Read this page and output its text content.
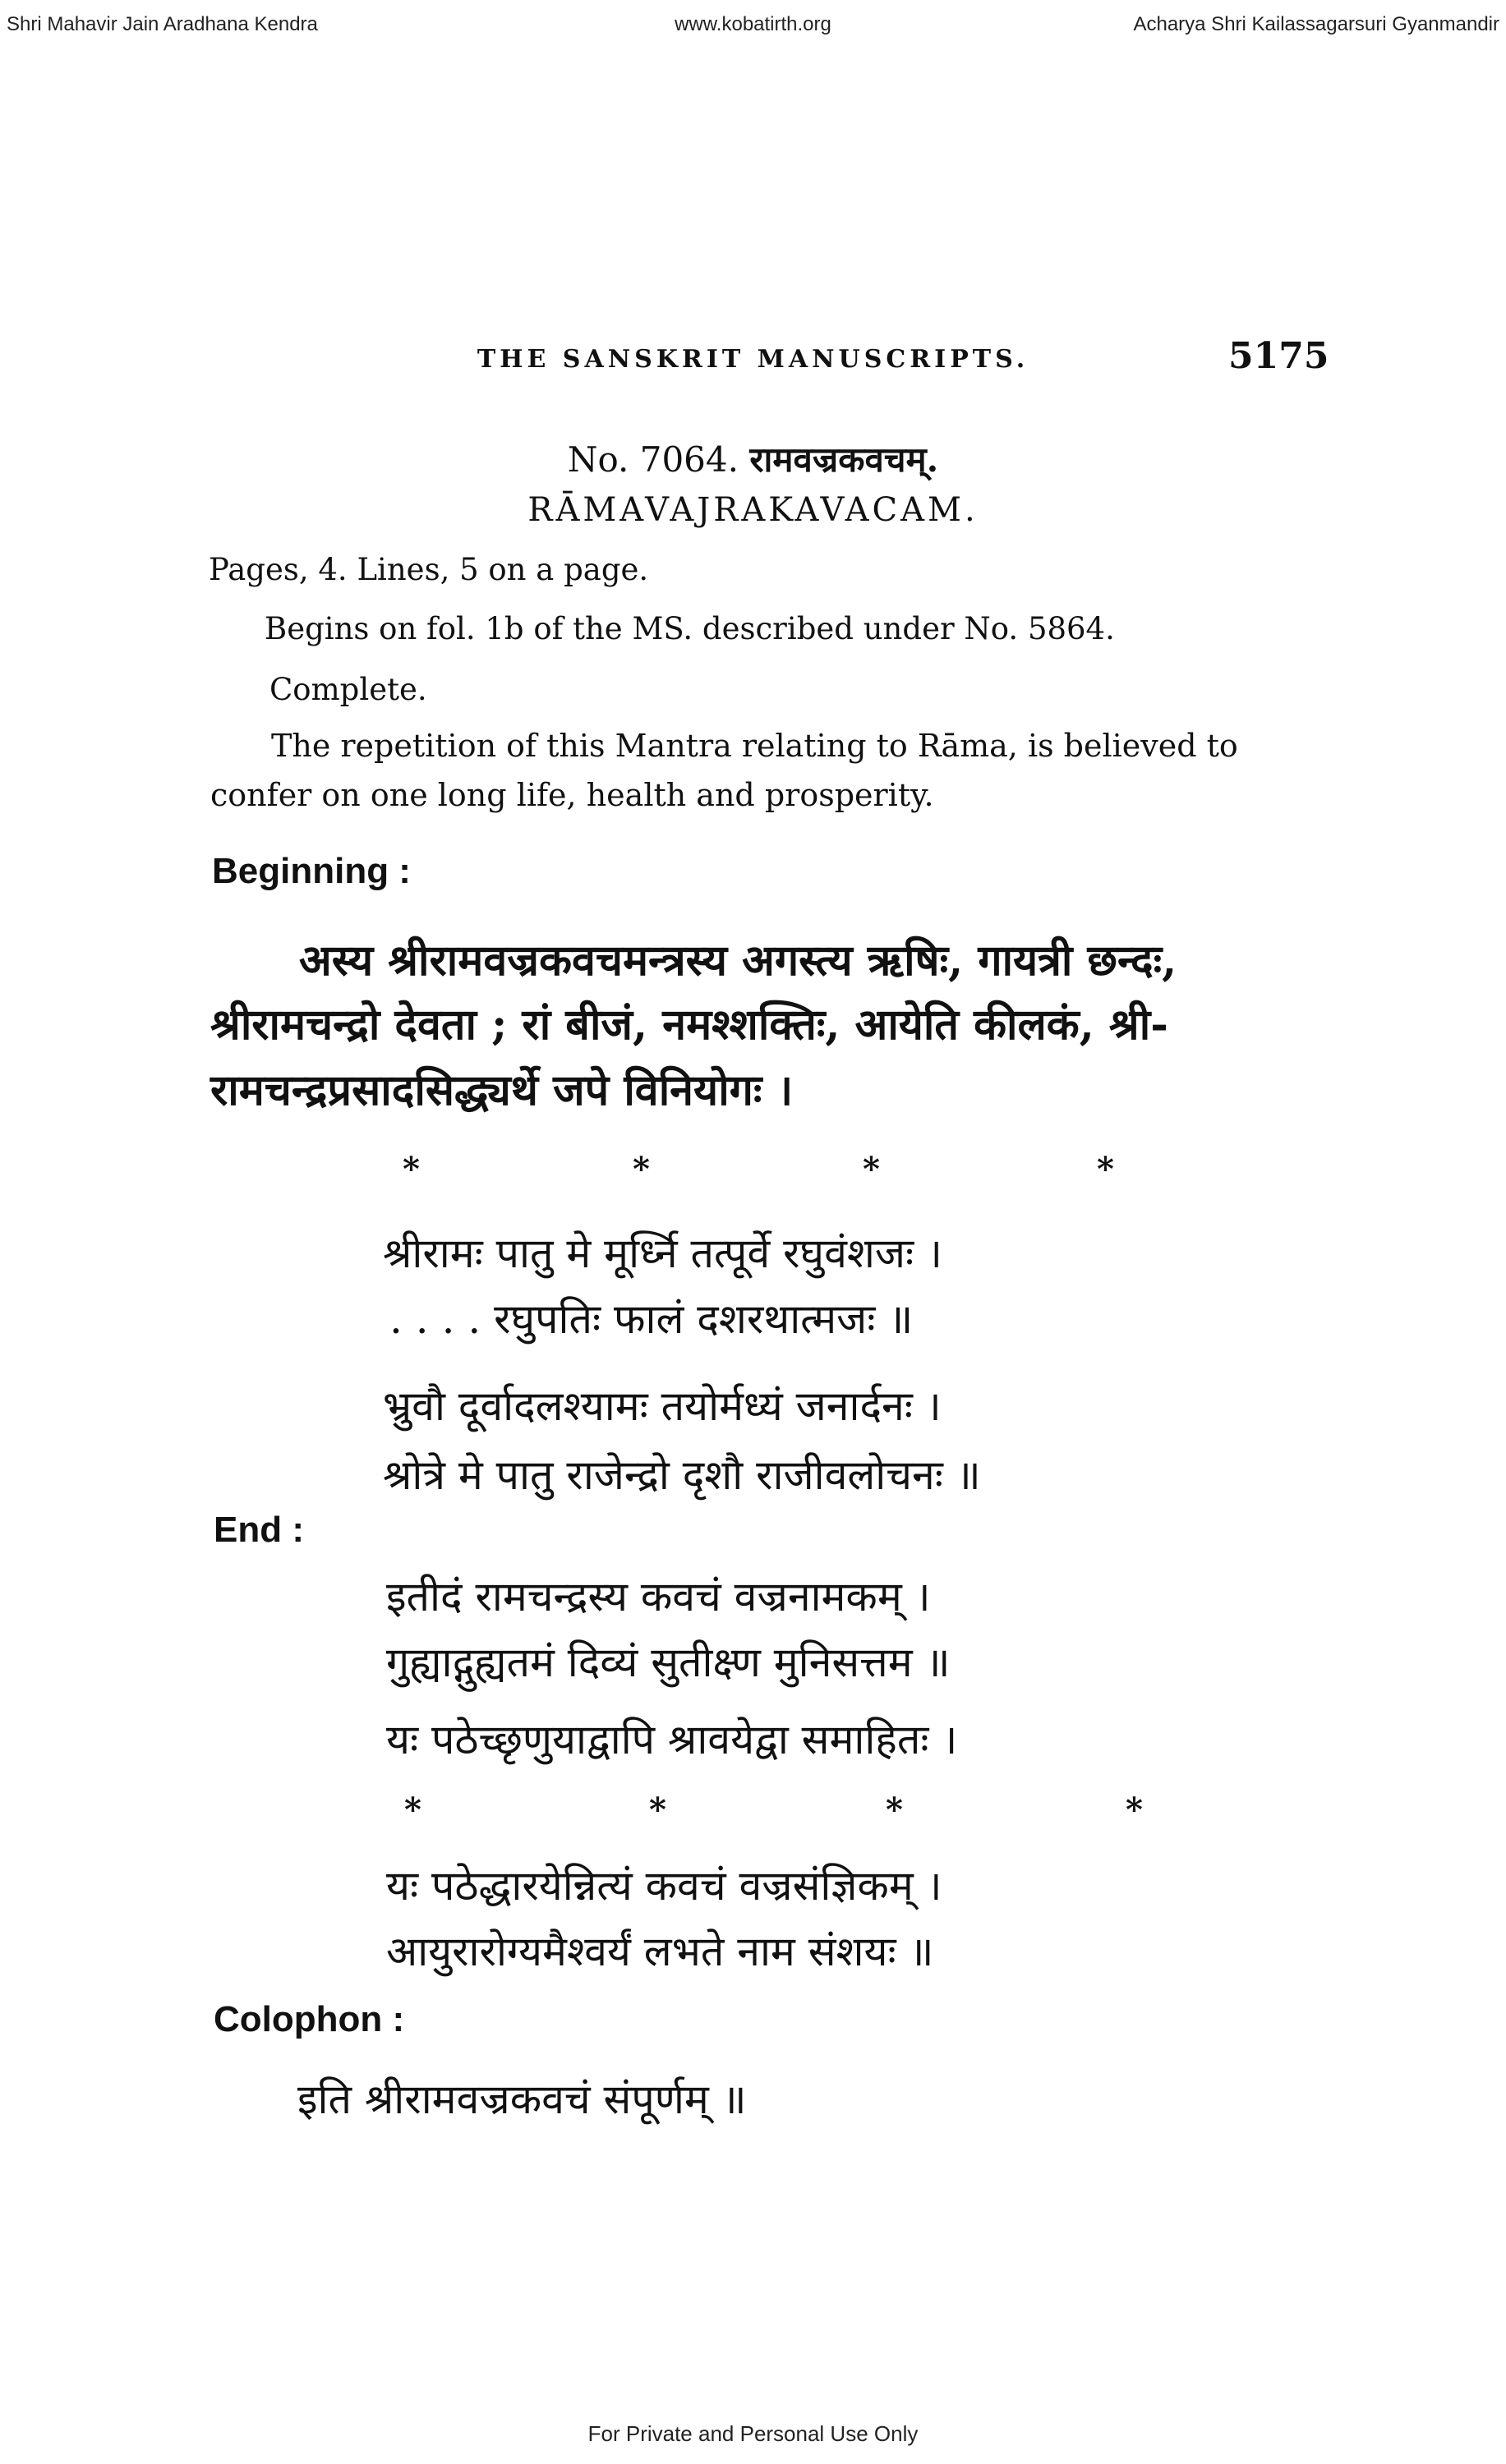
Shri Mahavir Jain Aradhana Kendra	www.kobatirth.org	Acharya Shri Kailassagarsuri Gyanmandir
THE SANSKRIT MANUSCRIPTS.	5175
No. 7064. रामवज्रकवचम्.
RĀMAVAJRAKAVACAM.
Pages, 4. Lines, 5 on a page.
Begins on fol. 1b of the MS. described under No. 5864.
Complete.
The repetition of this Mantra relating to Rāma, is believed to
confer on one long life, health and prosperity.
Beginning :
अस्य श्रीरामवज्रकवचमन्त्रस्य अगस्त्य ऋषिः, गायत्री छन्दः,
श्रीरामचन्द्रो देवता ; रां बीजं, नमश्शक्तिः, आयेति कीलकं, श्री-
रामचन्द्रप्रसादसिद्ध्यर्थे जपे विनियोगः ।
*	*	*	*
श्रीरामः पातु मे मूर्ध्नि तत्पूर्वे रघुवंशजः ।
. . . . रघुपतिः फालं दशरथात्मजः ॥
भ्रुवौ दूर्वादलश्यामः तयोर्मध्यं जनार्दनः ।
श्रोत्रे मे पातु राजेन्द्रो दृशौ राजीवलोचनः ॥
End :
इतीदं रामचन्द्रस्य कवचं वज्रनामकम् ।
गुह्याद्गुह्यतमं दिव्यं सुतीक्ष्ण मुनिसत्तम ॥
यः पठेच्छृणुयाद्वापि श्रावयेद्वा समाहितः ।
*	*	*	*
यः पठेद्धारयेन्नित्यं कवचं वज्रसंज्ञिकम् ।
आयुरारोग्यमैश्वर्यं लभते नाम संशयः ॥
Colophon :
इति श्रीरामवज्रकवचं संपूर्णम् ॥
For Private and Personal Use Only
